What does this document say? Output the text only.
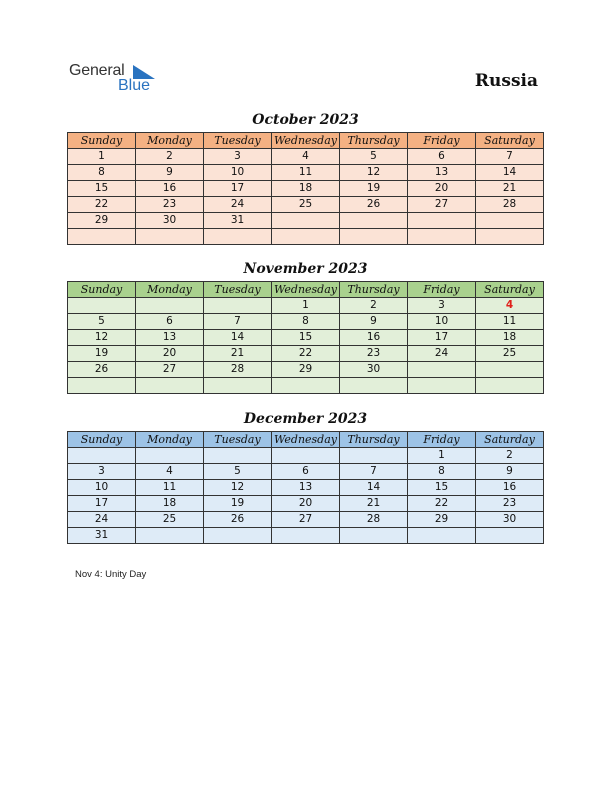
General
Blue	Russia
October 2023
Sunday	Monday	Tuesday	Wednesday	Thursday	Friday	Saturday
1	2	3	4	5	6	7
8	9	10	11	12	13	14
15	16	17	18	19	20	21
22	23	24	25	26	27	28
29	30	31				

November 2023
Sunday	Monday	Tuesday	Wednesday	Thursday	Friday	Saturday
			1	2	3	4
5	6	7	8	9	10	11
12	13	14	15	16	17	18
19	20	21	22	23	24	25
26	27	28	29	30		

December 2023
Sunday	Monday	Tuesday	Wednesday	Thursday	Friday	Saturday
					1	2
3	4	5	6	7	8	9
10	11	12	13	14	15	16
17	18	19	20	21	22	23
24	25	26	27	28	29	30
31						
Nov 4: Unity Day
